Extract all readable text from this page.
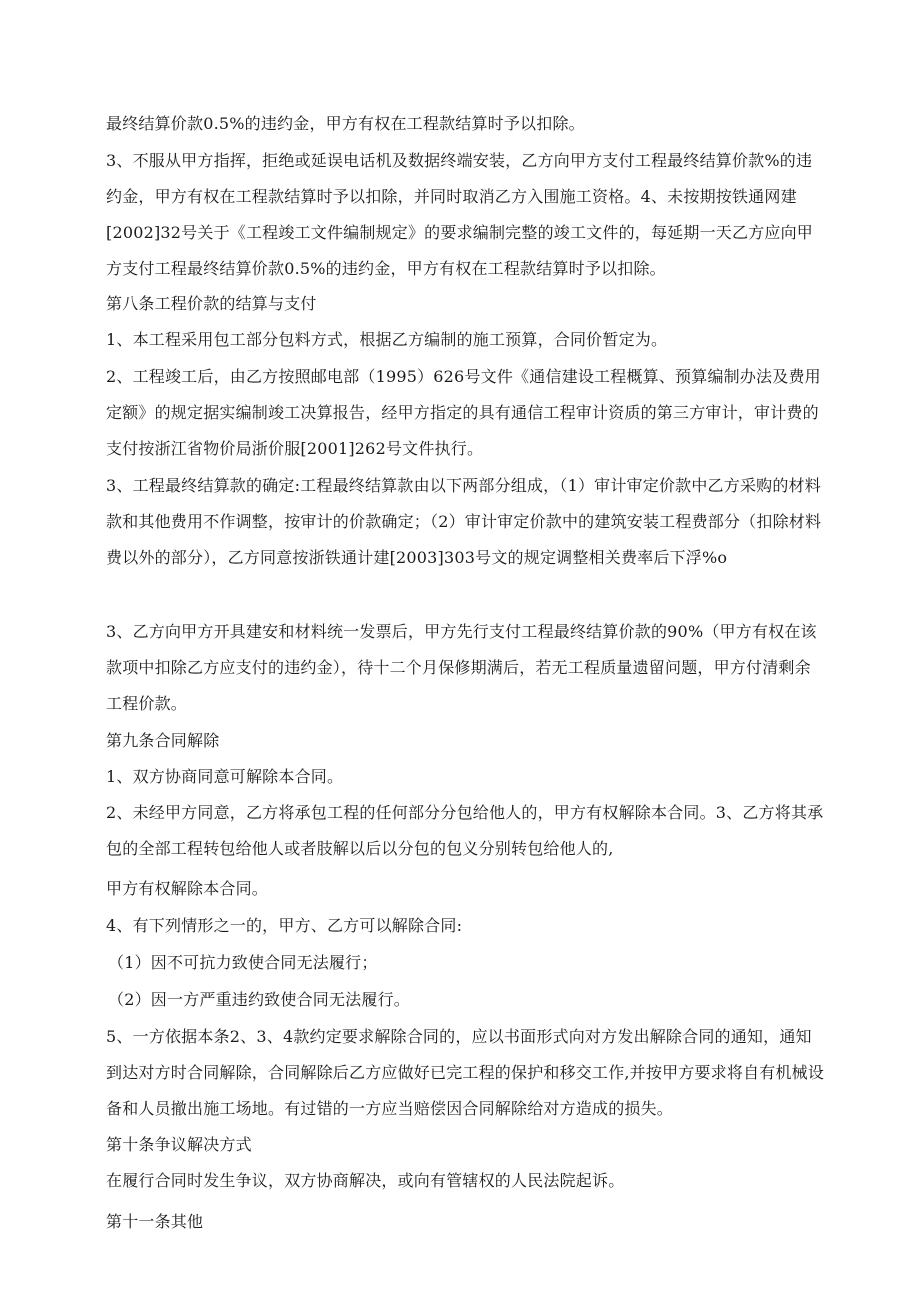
最终结算价款0.5%的违约金，甲方有权在工程款结算时予以扣除。

3、不服从甲方指挥，拒绝或延误电话机及数据终端安装，乙方向甲方支付工程最终结算价款%的违约金，甲方有权在工程款结算时予以扣除，并同时取消乙方入围施工资格。4、未按期按铁通网建[2002]32号关于《工程竣工文件编制规定》的要求编制完整的竣工文件的，每延期一天乙方应向甲方支付工程最终结算价款0.5%的违约金，甲方有权在工程款结算时予以扣除。

第八条工程价款的结算与支付

1、本工程采用包工部分包料方式，根据乙方编制的施工预算，合同价暂定为。

2、工程竣工后，由乙方按照邮电部（1995）626号文件《通信建设工程概算、预算编制办法及费用定额》的规定据实编制竣工决算报告，经甲方指定的具有通信工程审计资质的第三方审计，审计费的支付按浙江省物价局浙价服[2001]262号文件执行。

3、工程最终结算款的确定:工程最终结算款由以下两部分组成，（1）审计审定价款中乙方采购的材料款和其他费用不作调整，按审计的价款确定；（2）审计审定价款中的建筑安装工程费部分（扣除材料费以外的部分），乙方同意按浙铁通计建[2003]303号文的规定调整相关费率后下浮%o

3、乙方向甲方开具建安和材料统一发票后，甲方先行支付工程最终结算价款的90%（甲方有权在该款项中扣除乙方应支付的违约金），待十二个月保修期满后，若无工程质量遗留问题，甲方付清剩余工程价款。

第九条合同解除

1、双方协商同意可解除本合同。

2、未经甲方同意，乙方将承包工程的任何部分分包给他人的，甲方有权解除本合同。3、乙方将其承包的全部工程转包给他人或者肢解以后以分包的包义分别转包给他人的,

甲方有权解除本合同。

4、有下列情形之一的，甲方、乙方可以解除合同:

（1）因不可抗力致使合同无法履行；

（2）因一方严重违约致使合同无法履行。

5、一方依据本条2、3、4款约定要求解除合同的，应以书面形式向对方发出解除合同的通知，通知到达对方时合同解除，合同解除后乙方应做好已完工程的保护和移交工作,并按甲方要求将自有机械设备和人员撤出施工场地。有过错的一方应当赔偿因合同解除给对方造成的损失。

第十条争议解决方式

在履行合同时发生争议，双方协商解决，或向有管辖权的人民法院起诉。

第十一条其他
